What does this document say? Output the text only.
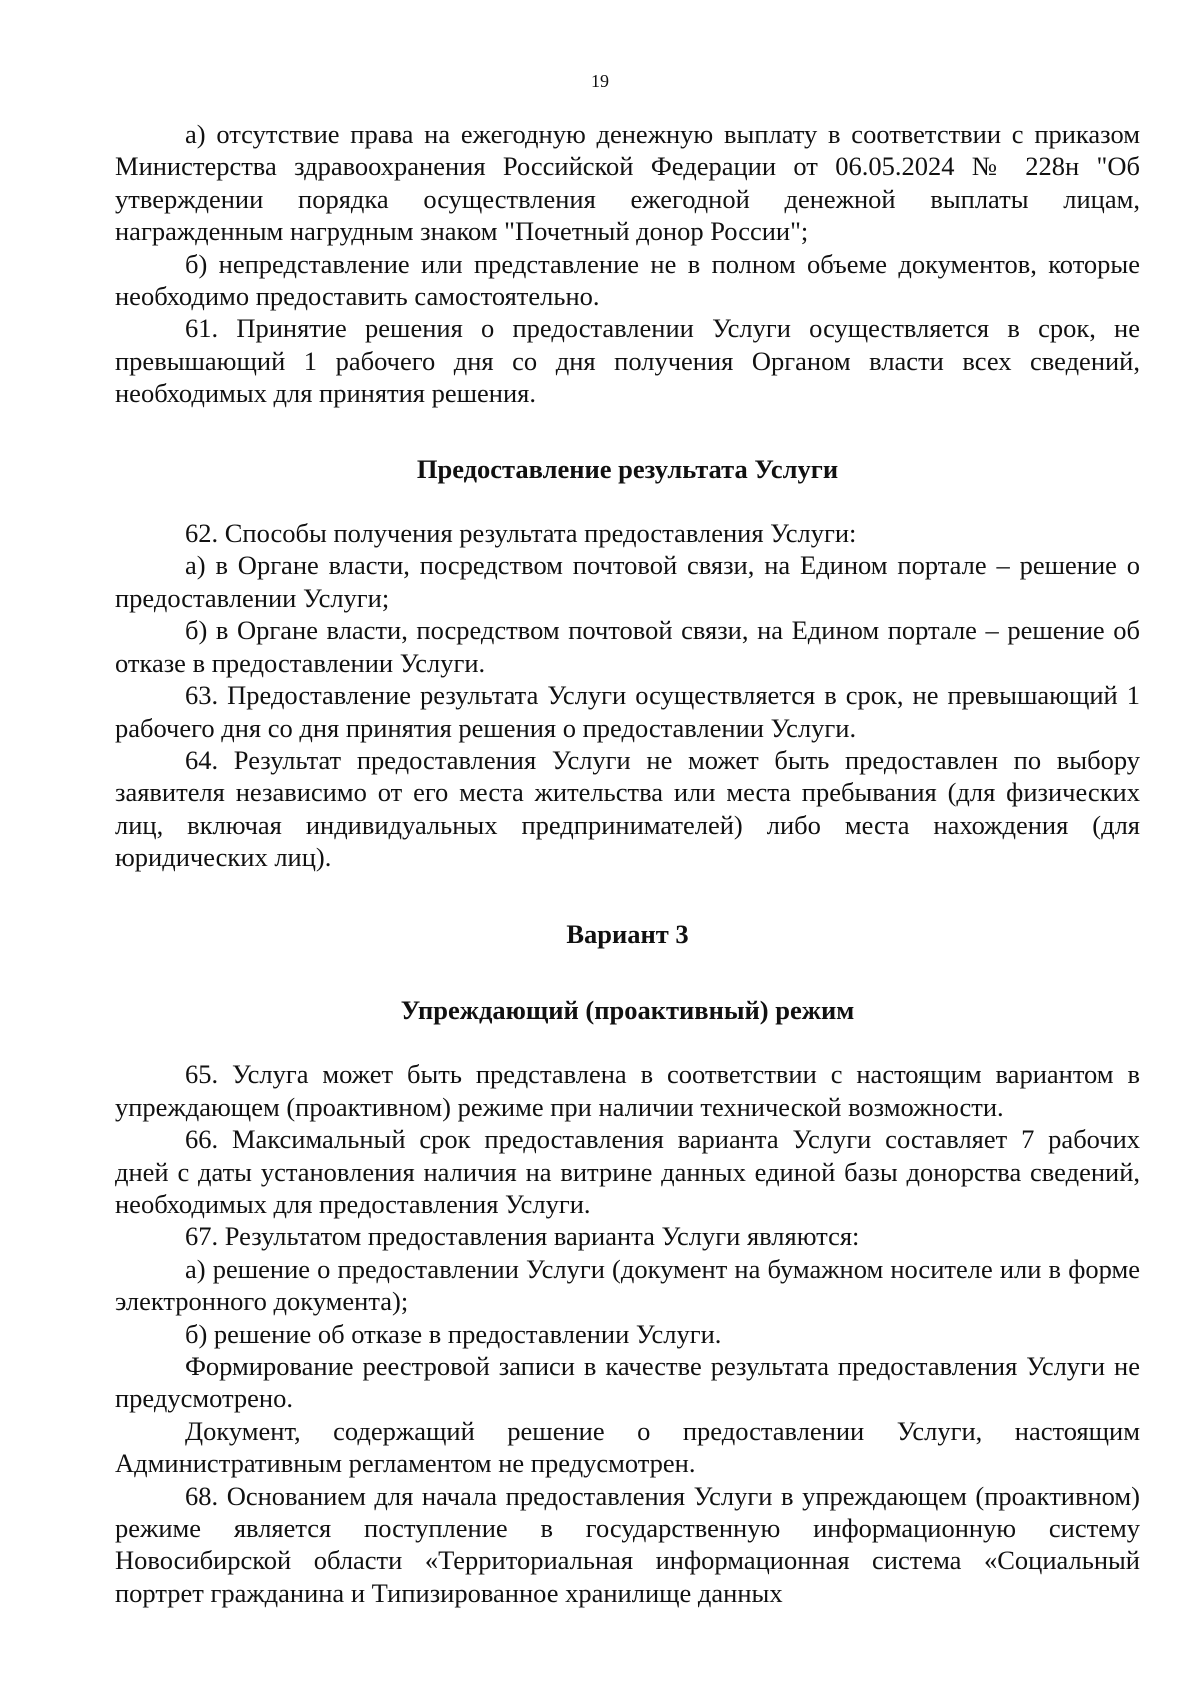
19

а) отсутствие права на ежегодную денежную выплату в соответствии с приказом Министерства здравоохранения Российской Федерации от 06.05.2024 № 228н "Об утверждении порядка осуществления ежегодной денежной выплаты лицам, награжденным нагрудным знаком "Почетный донор России";

б) непредставление или представление не в полном объеме документов, которые необходимо предоставить самостоятельно.

61. Принятие решения о предоставлении Услуги осуществляется в срок, не превышающий 1 рабочего дня со дня получения Органом власти всех сведений, необходимых для принятия решения.

Предоставление результата Услуги

62. Способы получения результата предоставления Услуги:

а) в Органе власти, посредством почтовой связи, на Едином портале – решение о предоставлении Услуги;

б) в Органе власти, посредством почтовой связи, на Едином портале – решение об отказе в предоставлении Услуги.

63. Предоставление результата Услуги осуществляется в срок, не превышающий 1 рабочего дня со дня принятия решения о предоставлении Услуги.

64. Результат предоставления Услуги не может быть предоставлен по выбору заявителя независимо от его места жительства или места пребывания (для физических лиц, включая индивидуальных предпринимателей) либо места нахождения (для юридических лиц).

Вариант 3

Упреждающий (проактивный) режим

65. Услуга может быть представлена в соответствии с настоящим вариантом в упреждающем (проактивном) режиме при наличии технической возможности.

66. Максимальный срок предоставления варианта Услуги составляет 7 рабочих дней с даты установления наличия на витрине данных единой базы донорства сведений, необходимых для предоставления Услуги.

67. Результатом предоставления варианта Услуги являются:

а) решение о предоставлении Услуги (документ на бумажном носителе или в форме электронного документа);

б) решение об отказе в предоставлении Услуги.

Формирование реестровой записи в качестве результата предоставления Услуги не предусмотрено.

Документ, содержащий решение о предоставлении Услуги, настоящим Административным регламентом не предусмотрен.

68. Основанием для начала предоставления Услуги в упреждающем (проактивном) режиме является поступление в государственную информационную систему Новосибирской области «Территориальная информационная система «Социальный портрет гражданина и Типизированное хранилище данных
